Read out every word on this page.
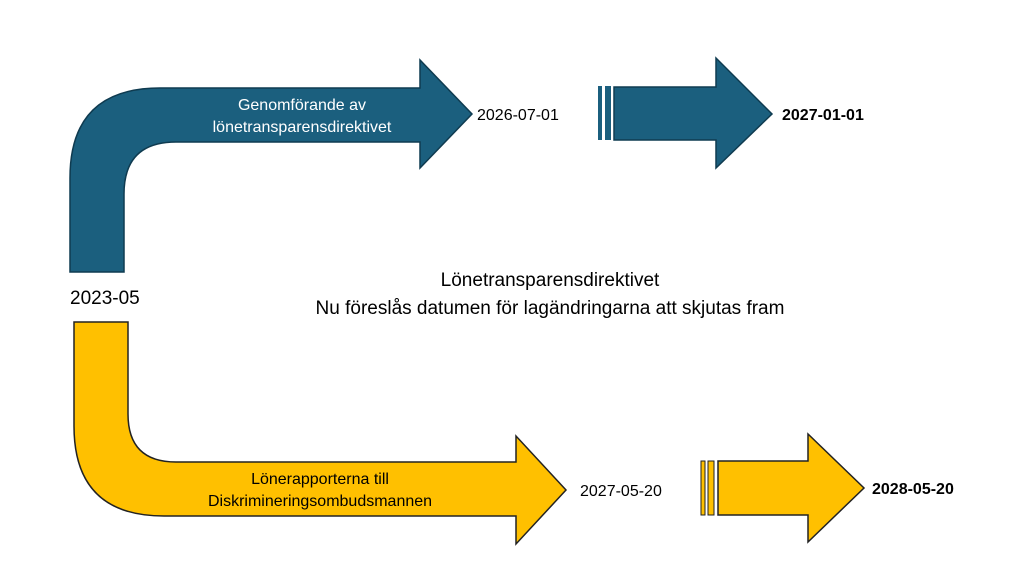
Genomförande av
lönetransparensdirektivet
2026-07-01	2027-01-01
2023-05
Lönetransparensdirektivet
Nu föreslås datumen för lagändringarna att skjutas fram
Lönerapporterna till
Diskrimineringsombudsmannen
2027-05-20	2028-05-20
